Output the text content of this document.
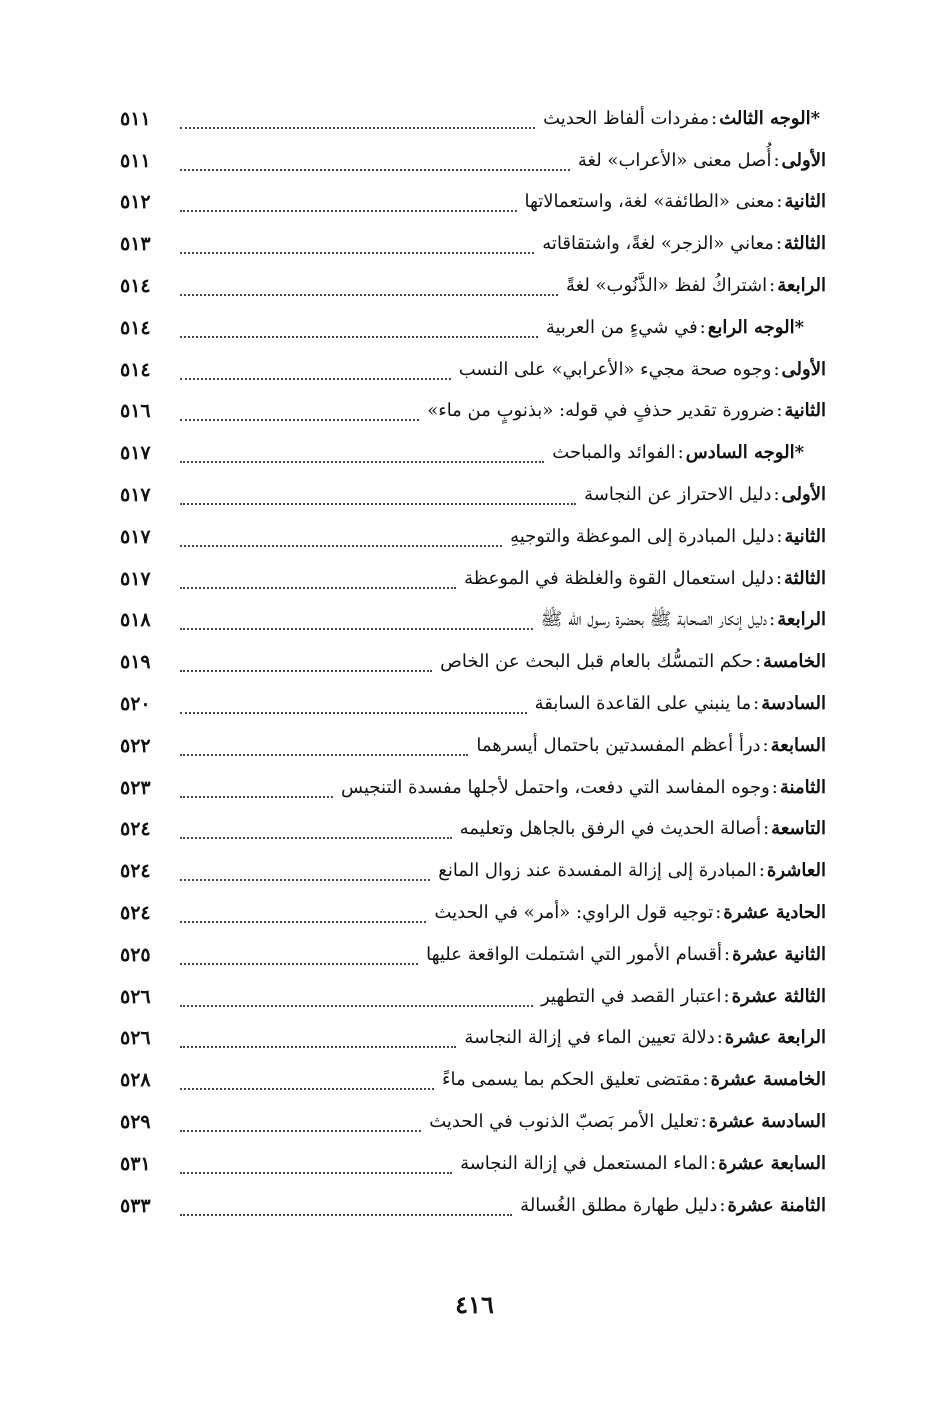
*الوجه الثالث:مفردات ألفاظ الحديث
٥١١
الأولى:أُصل معنى «الأعراب» لغة
٥١١
الثانية:معنى «الطائفة» لغة، واستعمالاتها
٥١٢
الثالثة:معاني «الزجر» لغةً، واشتقاقاته
٥١٣
الرابعة:اشتراكُ لفظ «الذَّنُوب» لغةً
٥١٤
*الوجه الرابع:في شيءٍ من العربية
٥١٤
الأولى:وجوه صحة مجيء «الأعرابي» على النسب
٥١٤
الثانية:ضرورة تقدير حذفٍ في قوله: «بذنوبٍ من ماء»
٥١٦
*الوجه السادس:الفوائد والمباحث
٥١٧
الأولى:دليل الاحتراز عن النجاسة
٥١٧
الثانية:دليل المبادرة إلى الموعظة والتوجيهِ
٥١٧
الثالثة:دليل استعمال القوة والغلظة في الموعظة
٥١٧
الرابعة:دليل إنكار الصحابة ﷺ بحضرة رسول الله ﷺ
٥١٨
الخامسة:حكم التمسُّك بالعام قبل البحث عن الخاص
٥١٩
السادسة:ما ينبني على القاعدة السابقة
٥٢٠
السابعة:درأ أعظم المفسدتين باحتمال أيسرهما
٥٢٢
الثامنة:وجوه المفاسد التي دفعت، واحتمل لأجلها مفسدة التنجيس
٥٢٣
التاسعة:أصالة الحديث في الرفق بالجاهل وتعليمه
٥٢٤
العاشرة:المبادرة إلى إزالة المفسدة عند زوال المانع
٥٢٤
الحادية عشرة:توجيه قول الراوي: «أمر» في الحديث
٥٢٤
الثانية عشرة:أقسام الأمور التي اشتملت الواقعة عليها
٥٢٥
الثالثة عشرة:اعتبار القصد في التطهير
٥٢٦
الرابعة عشرة:دلالة تعيين الماء في إزالة النجاسة
٥٢٦
الخامسة عشرة:مقتضى تعليق الحكم بما يسمى ماءً
٥٢٨
السادسة عشرة:تعليل الأمر بَصبّ الذنوب في الحديث
٥٢٩
السابعة عشرة:الماء المستعمل في إزالة النجاسة
٥٣١
الثامنة عشرة:دليل طهارة مطلق الغُسالة
٥٣٣
٤١٦
